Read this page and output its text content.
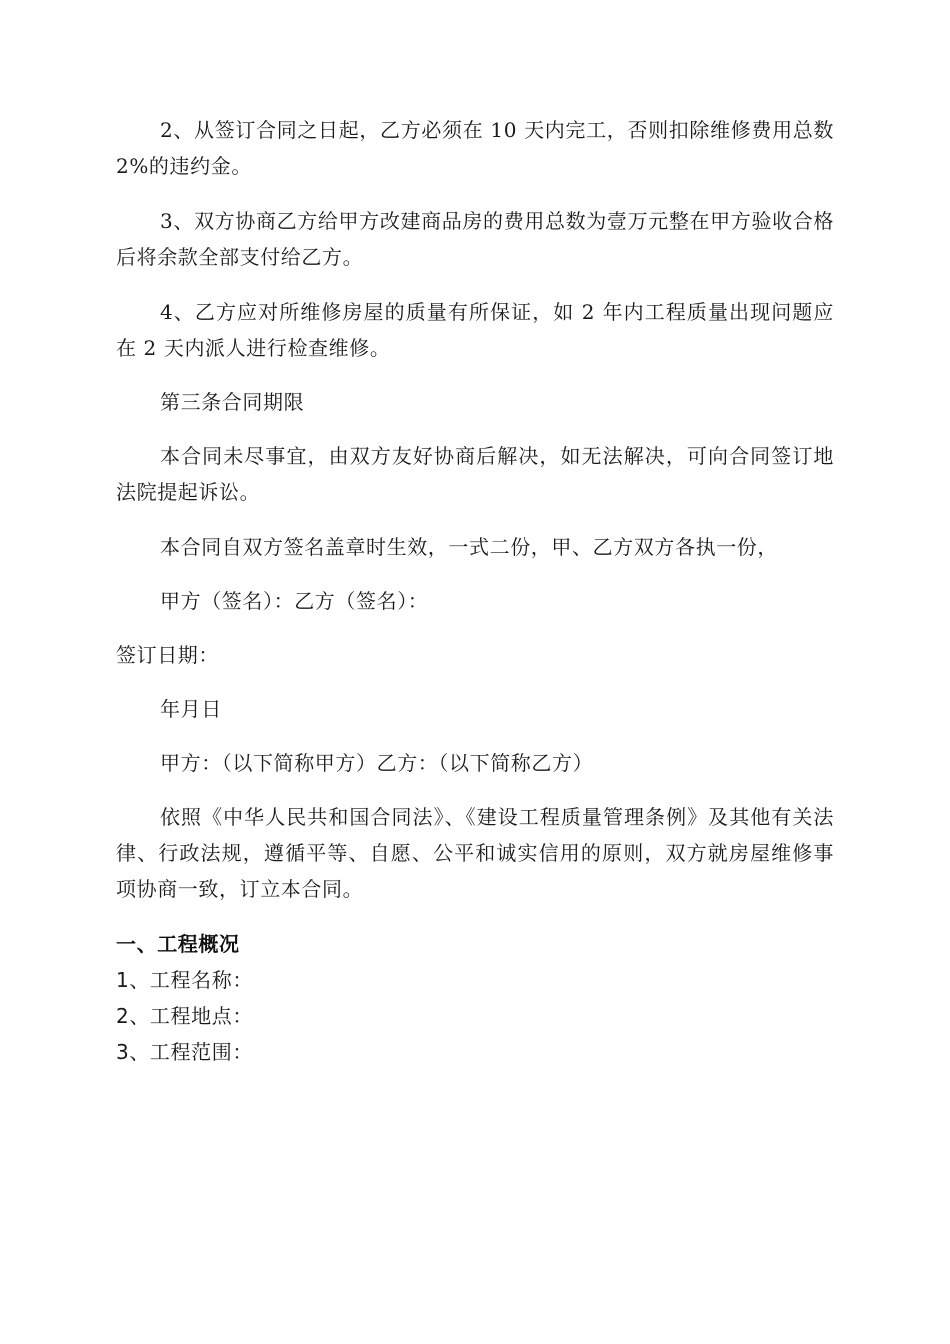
2、从签订合同之日起，乙方必须在 10 天内完工，否则扣除维修费用总数 2%的违约金。

3、双方协商乙方给甲方改建商品房的费用总数为壹万元整在甲方验收合格后将余款全部支付给乙方。

4、乙方应对所维修房屋的质量有所保证，如 2 年内工程质量出现问题应在 2 天内派人进行检查维修。

第三条合同期限

本合同未尽事宜，由双方友好协商后解决，如无法解决，可向合同签订地法院提起诉讼。

本合同自双方签名盖章时生效，一式二份，甲、乙方双方各执一份，

甲方（签名）：乙方（签名）：

签订日期：

年月日

甲方：（以下简称甲方）乙方：（以下简称乙方）

依照《中华人民共和国合同法》、《建设工程质量管理条例》及其他有关法律、行政法规，遵循平等、自愿、公平和诚实信用的原则，双方就房屋维修事项协商一致，订立本合同。

一、工程概况

1、工程名称：

2、工程地点：

3、工程范围：
